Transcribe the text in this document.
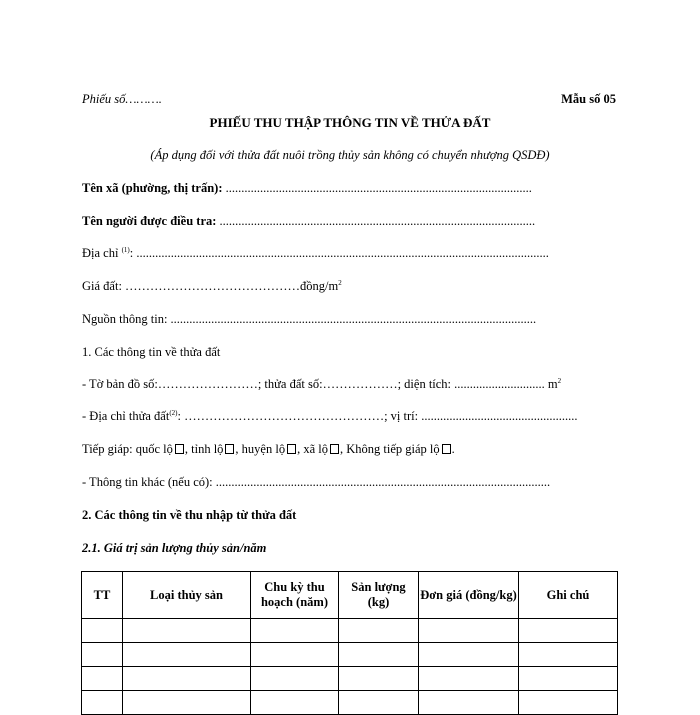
Phiếu số……….	Mẫu số 05
PHIẾU THU THẬP THÔNG TIN VỀ THỬA ĐẤT
(Áp dụng đối với thửa đất nuôi trồng thủy sản không có chuyển nhượng QSDĐ)
Tên xã (phường, thị trấn): ..................................................................................................
Tên người được điều tra: .....................................................................................................
Địa chỉ $^{(1)}$: ....................................................................................................................................
Giá đất: $\dots\dots\dots\dots\dots\dots\dots\dots\dots\dots\dots\dots\dots\dots đồng/m^2$
Nguồn thông tin: .....................................................................................................................
1. Các thông tin về thửa đất
- Tờ bản đồ số:……………………; thửa đất số:………………; diện tích: ............................. $m^2$
- Địa chỉ thửa đất$^{(2)}$: …………………………………………; vị trí: ..................................................
Tiếp giáp: quốc lộ , tỉnh lộ , huyện lộ , xã lộ , Không tiếp giáp lộ .
- Thông tin khác (nếu có): ...........................................................................................................
2. Các thông tin về thu nhập từ thửa đất
2.1. Giá trị sản lượng thủy sản/năm
TT	Loại thủy sản	Chu kỳ thu hoạch (năm)	Sản lượng (kg)	Đơn giá (đồng/kg)	Ghi chú
